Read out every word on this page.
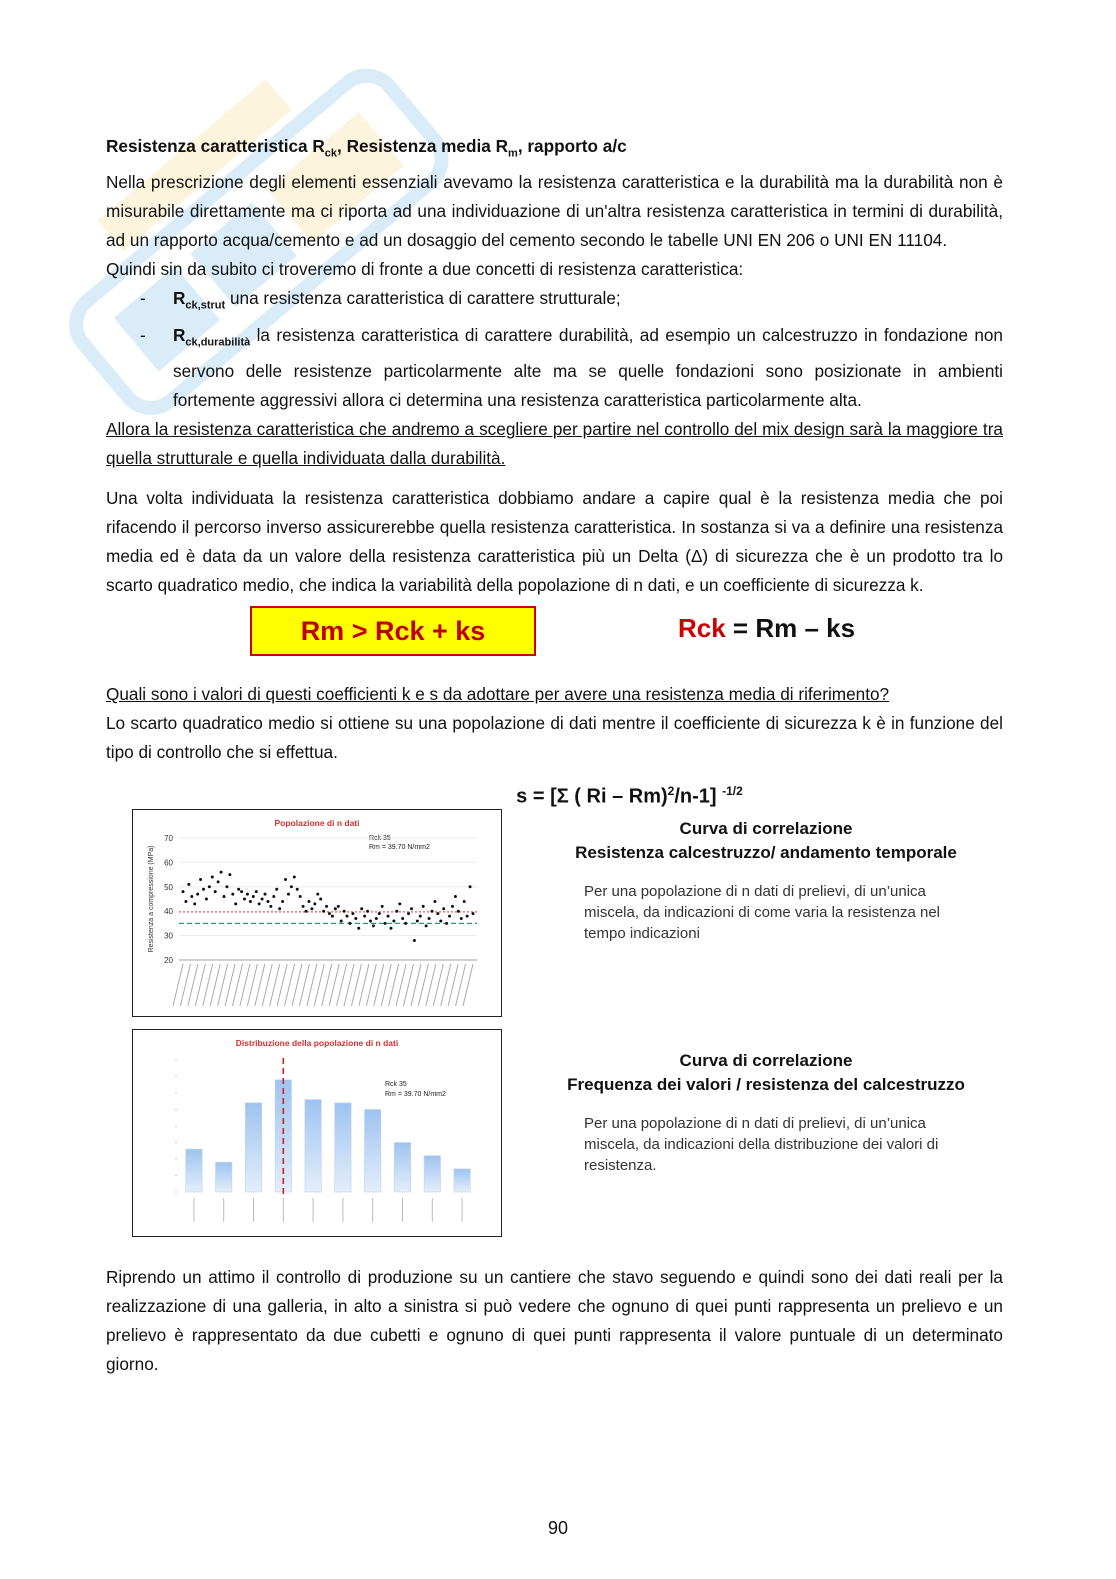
Resistenza caratteristica $R_{ck}$, Resistenza media $R_m$, rapporto a/c

Nella prescrizione degli elementi essenziali avevamo la resistenza caratteristica e la durabilità ma la durabilità non è misurabile direttamente ma ci riporta ad una individuazione di un'altra resistenza caratteristica in termini di durabilità, ad un rapporto acqua/cemento e ad un dosaggio del cemento secondo le tabelle UNI EN 206 o UNI EN 11104.

Quindi sin da subito ci troveremo di fronte a due concetti di resistenza caratteristica:

- $R_{ck,strut}$ una resistenza caratteristica di carattere strutturale;
- $R_{ck,durabilità}$ la resistenza caratteristica di carattere durabilità, ad esempio un calcestruzzo in fondazione non servono delle resistenze particolarmente alte ma se quelle fondazioni sono posizionate in ambienti fortemente aggressivi allora ci determina una resistenza caratteristica particolarmente alta.

Allora la resistenza caratteristica che andremo a scegliere per partire nel controllo del mix design sarà la maggiore tra quella strutturale e quella individuata dalla durabilità.

Una volta individuata la resistenza caratteristica dobbiamo andare a capire qual è la resistenza media che poi rifacendo il percorso inverso assicurerebbe quella resistenza caratteristica. In sostanza si va a definire una resistenza media ed è data da un valore della resistenza caratteristica più un Delta (Δ) di sicurezza che è un prodotto tra lo scarto quadratico medio, che indica la variabilità della popolazione di n dati, e un coefficiente di sicurezza k.

Rm > Rck + ks	Rck = Rm – ks

Quali sono i valori di questi coefficienti k e s da adottare per avere una resistenza media di riferimento?

Lo scarto quadratico medio si ottiene su una popolazione di dati mentre il coefficiente di sicurezza k è in funzione del tipo di controllo che si effettua.

s = [Σ ( Ri – Rm)$^2$/n-1] $^{-1/2}$
Popolazione di n dati
Rck 35
Rm = 39.70 N/mm2
20
30
40
50
60
70
Resistenza a compressione (MPa)
Curva di correlazione
Resistenza calcestruzzo/ andamento temporale
Per una popolazione di n dati di prelievi, di un’unica miscela, da indicazioni di come varia la resistenza nel tempo indicazioni
Distribuzione della popolazione di n dati
Rck 35
Rm = 39.70 N/mm2
Curva di correlazione
Frequenza dei valori / resistenza del calcestruzzo
Per una popolazione di n dati di prelievi, di un’unica miscela, da indicazioni della distribuzione dei valori di resistenza.

Riprendo un attimo il controllo di produzione su un cantiere che stavo seguendo e quindi sono dei dati reali per la realizzazione di una galleria, in alto a sinistra si può vedere che ognuno di quei punti rappresenta un prelievo e un prelievo è rappresentato da due cubetti e ognuno di quei punti rappresenta il valore puntuale di un determinato giorno.

90
